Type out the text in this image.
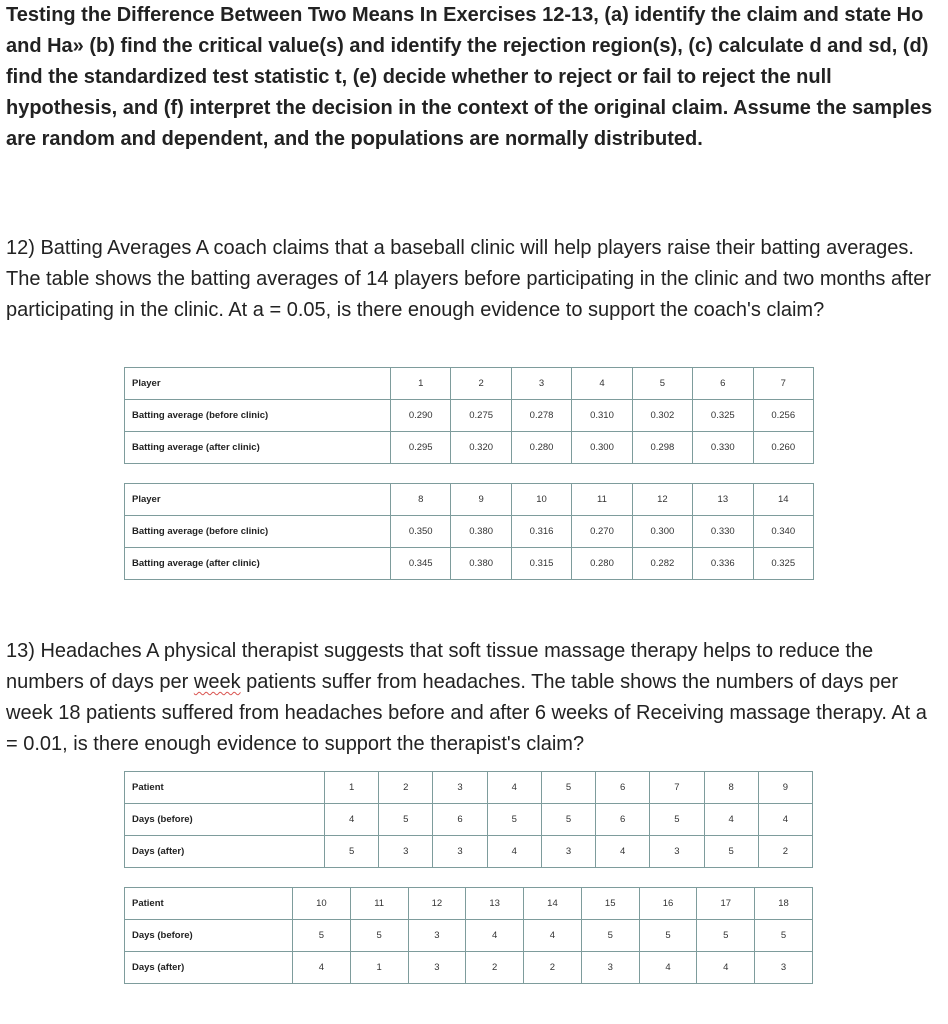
Testing the Difference Between Two Means In Exercises 12-13, (a) identify the claim and state Ho and Ha» (b) find the critical value(s) and identify the rejection region(s), (c) calculate d and sd, (d) find the standardized test statistic t, (e) decide whether to reject or fail to reject the null hypothesis, and (f) interpret the decision in the context of the original claim. Assume the samples are random and dependent, and the populations are normally distributed.
12) Batting Averages A coach claims that a baseball clinic will help players raise their batting averages. The table shows the batting averages of 14 players before participating in the clinic and two months after participating in the clinic. At a = 0.05, is there enough evidence to support the coach's claim?
Player	1	2	3	4	5	6	7
Batting average (before clinic)	0.290	0.275	0.278	0.310	0.302	0.325	0.256
Batting average (after clinic)	0.295	0.320	0.280	0.300	0.298	0.330	0.260
Player	8	9	10	11	12	13	14
Batting average (before clinic)	0.350	0.380	0.316	0.270	0.300	0.330	0.340
Batting average (after clinic)	0.345	0.380	0.315	0.280	0.282	0.336	0.325
13) Headaches A physical therapist suggests that soft tissue massage therapy helps to reduce the numbers of days per week patients suffer from headaches. The table shows the numbers of days per week 18 patients suffered from headaches before and after 6 weeks of Receiving massage therapy. At a = 0.01, is there enough evidence to support the therapist's claim?
Patient	1	2	3	4	5	6	7	8	9
Days (before)	4	5	6	5	5	6	5	4	4
Days (after)	5	3	3	4	3	4	3	5	2
Patient	10	11	12	13	14	15	16	17	18
Days (before)	5	5	3	4	4	5	5	5	5
Days (after)	4	1	3	2	2	3	4	4	3
